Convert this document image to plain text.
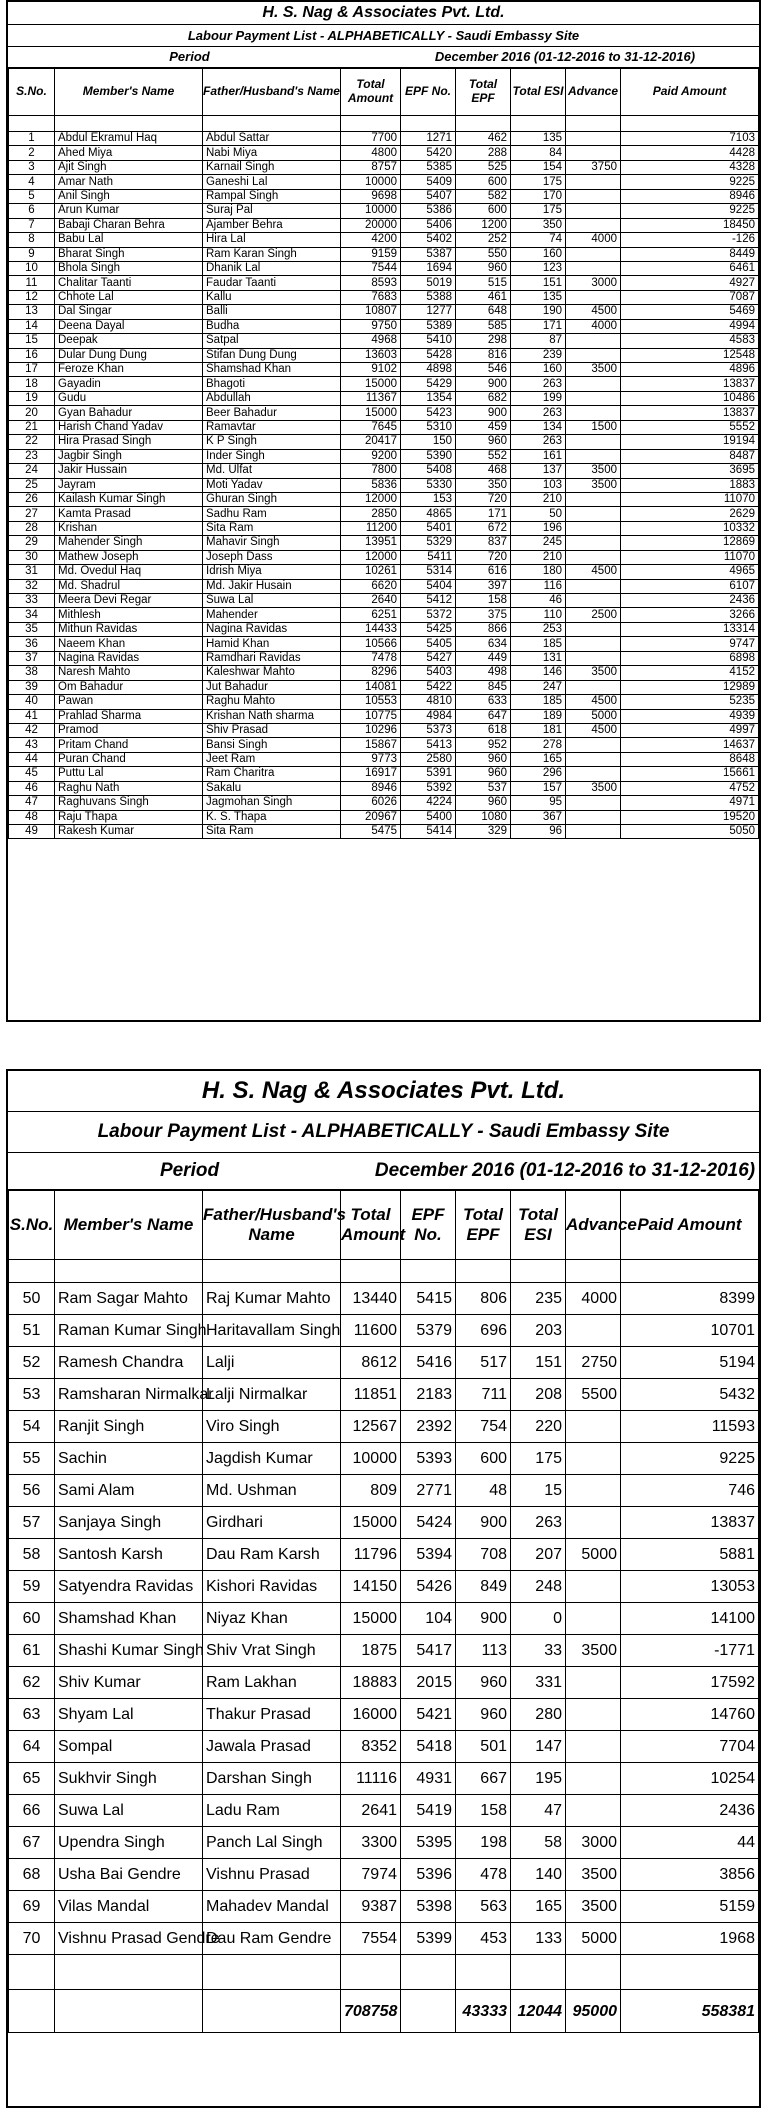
H. S. Nag & Associates Pvt. Ltd.
Labour Payment List - ALPHABETICALLY - Saudi Embassy Site
Period	December 2016 (01-12-2016 to 31-12-2016)
S.No.	Member's Name	Father/Husband's Name	Total Amount	EPF No.	Total EPF	Total ESI	Advance	Paid Amount

1	Abdul Ekramul Haq	Abdul Sattar	7700	1271	462	135		7103
2	Ahed Miya	Nabi Miya	4800	5420	288	84		4428
3	Ajit Singh	Karnail Singh	8757	5385	525	154	3750	4328
4	Amar Nath	Ganeshi Lal	10000	5409	600	175		9225
5	Anil Singh	Rampal Singh	9698	5407	582	170		8946
6	Arun Kumar	Suraj Pal	10000	5386	600	175		9225
7	Babaji Charan Behra	Ajamber Behra	20000	5406	1200	350		18450
8	Babu Lal	Hira Lal	4200	5402	252	74	4000	-126
9	Bharat Singh	Ram Karan Singh	9159	5387	550	160		8449
10	Bhola Singh	Dhanik Lal	7544	1694	960	123		6461
11	Chalitar Taanti	Faudar Taanti	8593	5019	515	151	3000	4927
12	Chhote Lal	Kallu	7683	5388	461	135		7087
13	Dal Singar	Balli	10807	1277	648	190	4500	5469
14	Deena Dayal	Budha	9750	5389	585	171	4000	4994
15	Deepak	Satpal	4968	5410	298	87		4583
16	Dular Dung Dung	Stifan Dung Dung	13603	5428	816	239		12548
17	Feroze Khan	Shamshad Khan	9102	4898	546	160	3500	4896
18	Gayadin	Bhagoti	15000	5429	900	263		13837
19	Gudu	Abdullah	11367	1354	682	199		10486
20	Gyan Bahadur	Beer Bahadur	15000	5423	900	263		13837
21	Harish Chand Yadav	Ramavtar	7645	5310	459	134	1500	5552
22	Hira Prasad Singh	K P Singh	20417	150	960	263		19194
23	Jagbir Singh	Inder Singh	9200	5390	552	161		8487
24	Jakir Hussain	Md. Ulfat	7800	5408	468	137	3500	3695
25	Jayram	Moti Yadav	5836	5330	350	103	3500	1883
26	Kailash Kumar Singh	Ghuran Singh	12000	153	720	210		11070
27	Kamta Prasad	Sadhu Ram	2850	4865	171	50		2629
28	Krishan	Sita Ram	11200	5401	672	196		10332
29	Mahender Singh	Mahavir Singh	13951	5329	837	245		12869
30	Mathew Joseph	Joseph Dass	12000	5411	720	210		11070
31	Md. Ovedul Haq	Idrish Miya	10261	5314	616	180	4500	4965
32	Md. Shadrul	Md. Jakir Husain	6620	5404	397	116		6107
33	Meera Devi Regar	Suwa Lal	2640	5412	158	46		2436
34	Mithlesh	Mahender	6251	5372	375	110	2500	3266
35	Mithun Ravidas	Nagina Ravidas	14433	5425	866	253		13314
36	Naeem Khan	Hamid Khan	10566	5405	634	185		9747
37	Nagina Ravidas	Ramdhari Ravidas	7478	5427	449	131		6898
38	Naresh Mahto	Kaleshwar Mahto	8296	5403	498	146	3500	4152
39	Om Bahadur	Jut Bahadur	14081	5422	845	247		12989
40	Pawan	Raghu Mahto	10553	4810	633	185	4500	5235
41	Prahlad Sharma	Krishan Nath sharma	10775	4984	647	189	5000	4939
42	Pramod	Shiv Prasad	10296	5373	618	181	4500	4997
43	Pritam Chand	Bansi Singh	15867	5413	952	278		14637
44	Puran Chand	Jeet Ram	9773	2580	960	165		8648
45	Puttu Lal	Ram Charitra	16917	5391	960	296		15661
46	Raghu Nath	Sakalu	8946	5392	537	157	3500	4752
47	Raghuvans Singh	Jagmohan Singh	6026	4224	960	95		4971
48	Raju Thapa	K. S. Thapa	20967	5400	1080	367		19520
49	Rakesh Kumar	Sita Ram	5475	5414	329	96		5050
H. S. Nag & Associates Pvt. Ltd.
Labour Payment List - ALPHABETICALLY - Saudi Embassy Site
Period	December 2016 (01-12-2016 to 31-12-2016)
S.No.	Member's Name	Father/Husband's Name	Total Amount	EPF No.	Total EPF	Total ESI	Advance	Paid Amount

50	Ram Sagar Mahto	Raj Kumar Mahto	13440	5415	806	235	4000	8399
51	Raman Kumar Singh	Haritavallam Singh	11600	5379	696	203		10701
52	Ramesh Chandra	Lalji	8612	5416	517	151	2750	5194
53	Ramsharan Nirmalkar	Lalji Nirmalkar	11851	2183	711	208	5500	5432
54	Ranjit Singh	Viro Singh	12567	2392	754	220		11593
55	Sachin	Jagdish Kumar	10000	5393	600	175		9225
56	Sami Alam	Md. Ushman	809	2771	48	15		746
57	Sanjaya Singh	Girdhari	15000	5424	900	263		13837
58	Santosh Karsh	Dau Ram Karsh	11796	5394	708	207	5000	5881
59	Satyendra Ravidas	Kishori Ravidas	14150	5426	849	248		13053
60	Shamshad Khan	Niyaz Khan	15000	104	900	0		14100
61	Shashi Kumar Singh	Shiv Vrat Singh	1875	5417	113	33	3500	-1771
62	Shiv Kumar	Ram Lakhan	18883	2015	960	331		17592
63	Shyam Lal	Thakur Prasad	16000	5421	960	280		14760
64	Sompal	Jawala Prasad	8352	5418	501	147		7704
65	Sukhvir Singh	Darshan Singh	11116	4931	667	195		10254
66	Suwa Lal	Ladu Ram	2641	5419	158	47		2436
67	Upendra Singh	Panch Lal Singh	3300	5395	198	58	3000	44
68	Usha Bai Gendre	Vishnu Prasad	7974	5396	478	140	3500	3856
69	Vilas Mandal	Mahadev Mandal	9387	5398	563	165	3500	5159
70	Vishnu Prasad Gendre	Dau Ram Gendre	7554	5399	453	133	5000	1968

			708758		43333	12044	95000	558381
